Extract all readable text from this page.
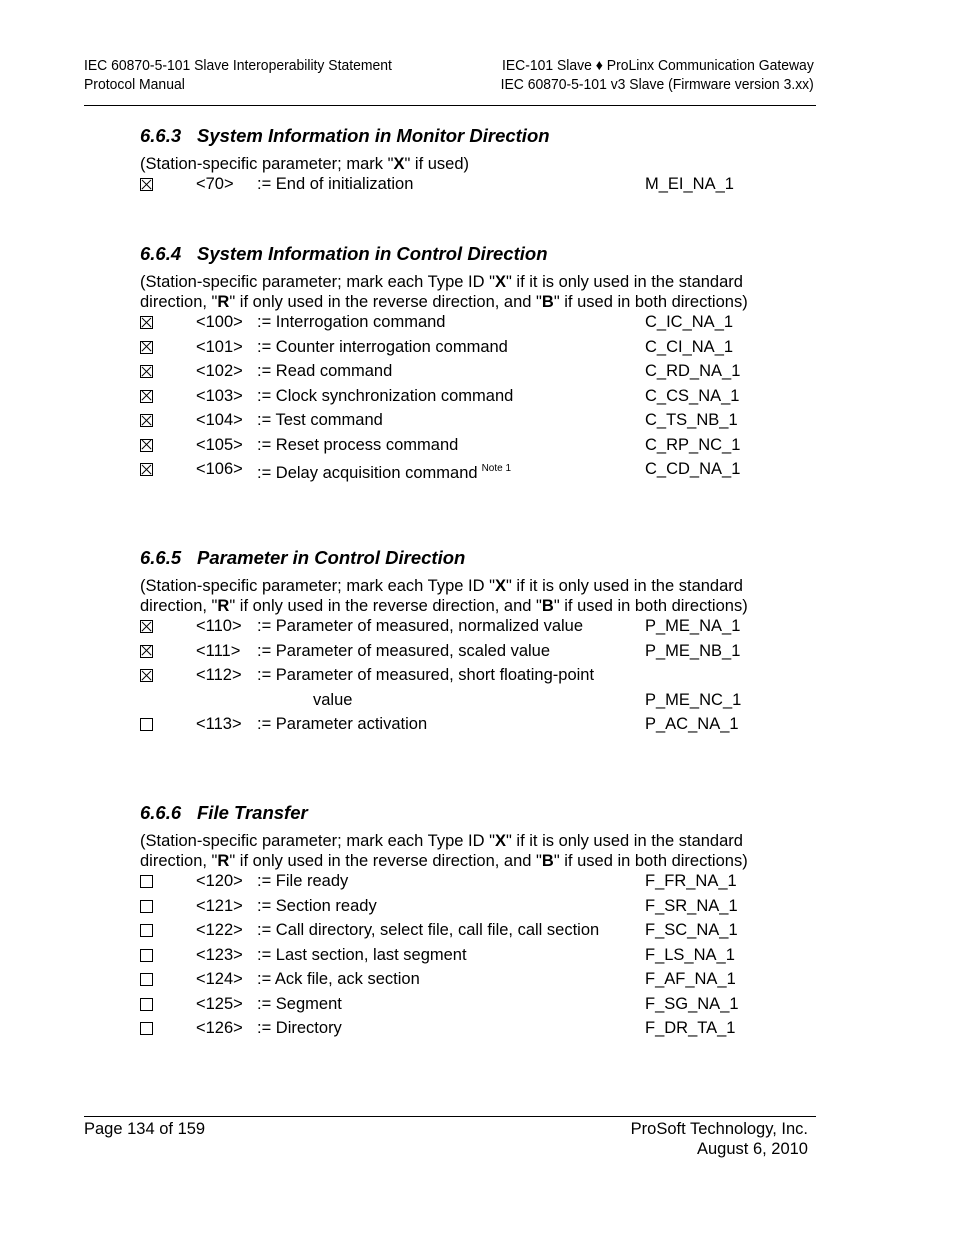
IEC 60870-5-101 Slave Interoperability Statement
Protocol Manual
IEC-101 Slave ♦ ProLinx Communication Gateway
IEC 60870-5-101 v3 Slave (Firmware version 3.xx)
6.6.3 System Information in Monitor Direction
(Station-specific parameter; mark "X" if used)
<70> := End of initialization	M_EI_NA_1
6.6.4 System Information in Control Direction
(Station-specific parameter; mark each Type ID "X" if it is only used in the standard direction, "R" if only used in the reverse direction, and "B" if used in both directions)
<100> := Interrogation command	C_IC_NA_1
<101> := Counter interrogation command	C_CI_NA_1
<102> := Read command	C_RD_NA_1
<103> := Clock synchronization command	C_CS_NA_1
<104> := Test command	C_TS_NB_1
<105> := Reset process command	C_RP_NC_1
<106> := Delay acquisition command $^{Note 1}$	C_CD_NA_1
6.6.5 Parameter in Control Direction
(Station-specific parameter; mark each Type ID "X" if it is only used in the standard direction, "R" if only used in the reverse direction, and "B" if used in both directions)
<110> := Parameter of measured, normalized value	P_ME_NA_1
<111> := Parameter of measured, scaled value	P_ME_NB_1
<112> := Parameter of measured, short floating-point
value	P_ME_NC_1
<113> := Parameter activation	P_AC_NA_1
6.6.6 File Transfer
(Station-specific parameter; mark each Type ID "X" if it is only used in the standard direction, "R" if only used in the reverse direction, and "B" if used in both directions)
<120> := File ready	F_FR_NA_1
<121> := Section ready	F_SR_NA_1
<122> := Call directory, select file, call file, call section	F_SC_NA_1
<123> := Last section, last segment	F_LS_NA_1
<124> := Ack file, ack section	F_AF_NA_1
<125> := Segment	F_SG_NA_1
<126> := Directory	F_DR_TA_1
Page 134 of 159	ProSoft Technology, Inc.
August 6, 2010
